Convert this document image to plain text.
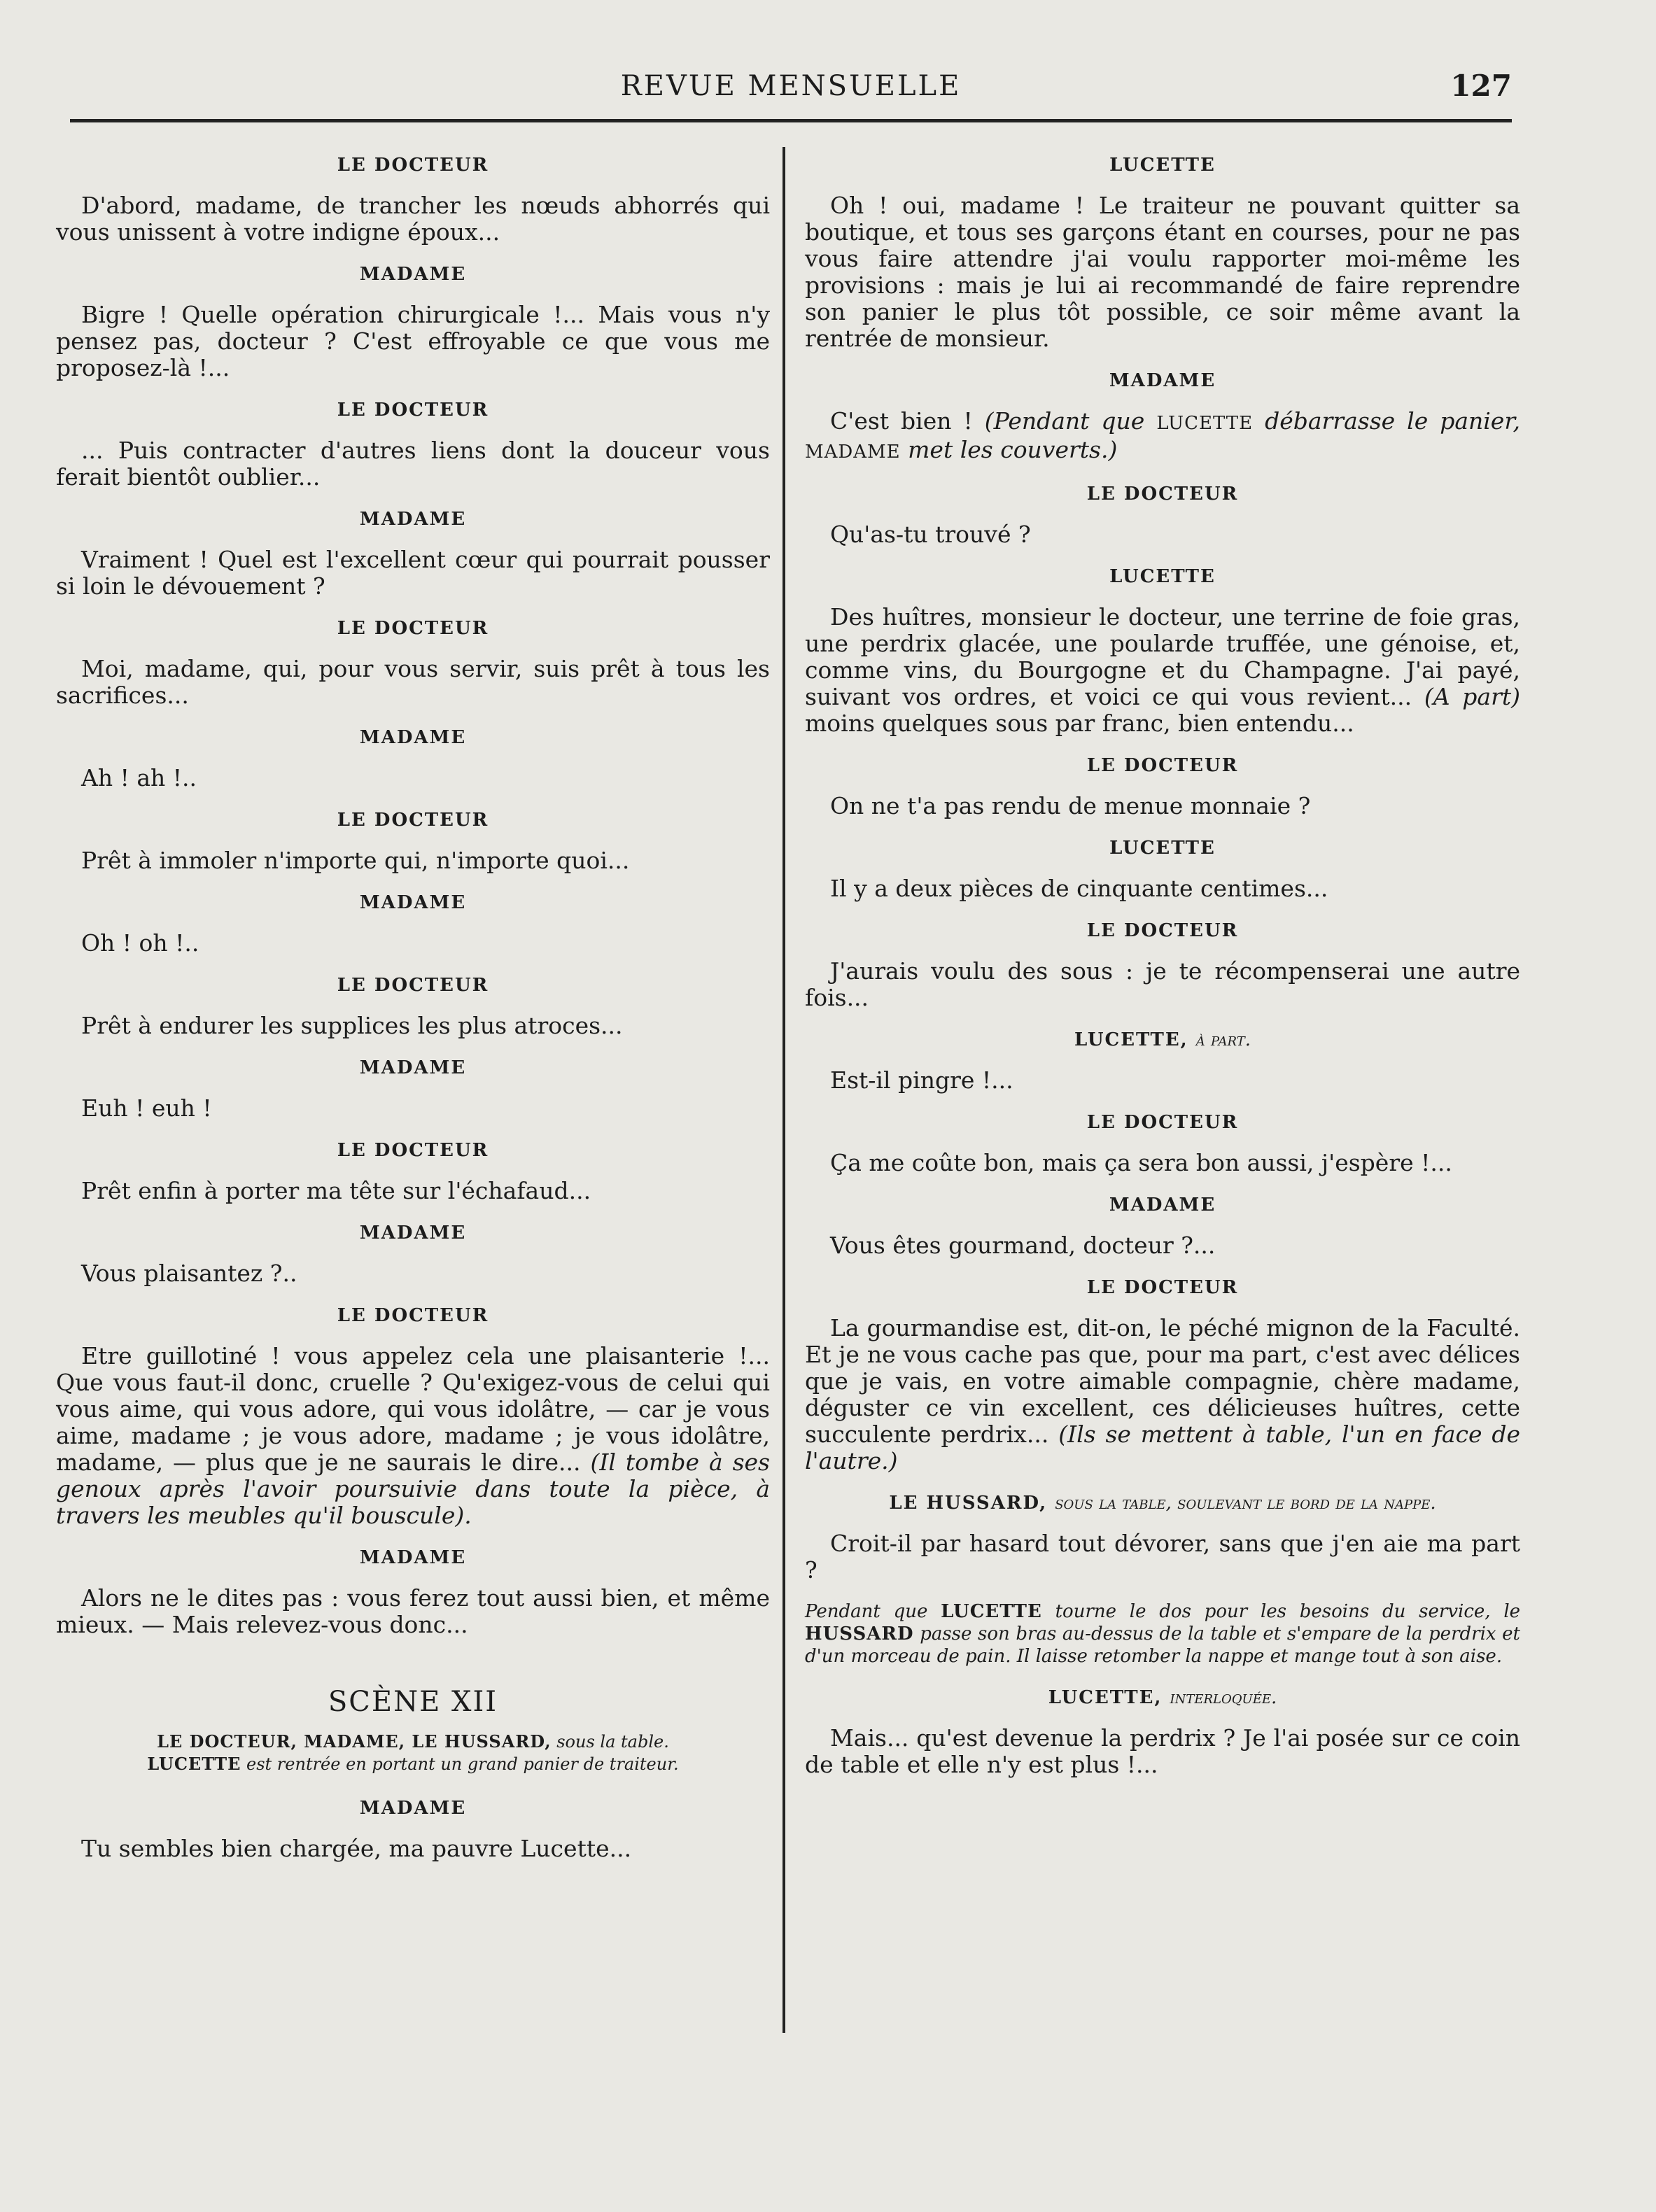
REVUE MENSUELLE	127
LE DOCTEUR

D'abord, madame, de trancher les nœuds abhorrés qui vous unissent à votre indigne époux...

MADAME

Bigre ! Quelle opération chirurgicale !... Mais vous n'y pensez pas, docteur ? C'est effroyable ce que vous me proposez-là !...

LE DOCTEUR

... Puis contracter d'autres liens dont la douceur vous ferait bientôt oublier...

MADAME

Vraiment ! Quel est l'excellent cœur qui pourrait pousser si loin le dévouement ?

LE DOCTEUR

Moi, madame, qui, pour vous servir, suis prêt à tous les sacrifices...

MADAME

Ah ! ah !..

LE DOCTEUR

Prêt à immoler n'importe qui, n'importe quoi...

MADAME

Oh ! oh !..

LE DOCTEUR

Prêt à endurer les supplices les plus atroces...

MADAME

Euh ! euh !

LE DOCTEUR

Prêt enfin à porter ma tête sur l'échafaud...

MADAME

Vous plaisantez ?..

LE DOCTEUR

Etre guillotiné ! vous appelez cela une plaisanterie !... Que vous faut-il donc, cruelle ? Qu'exigez-vous de celui qui vous aime, qui vous adore, qui vous idolâtre, — car je vous aime, madame ; je vous adore, madame ; je vous idolâtre, madame, — plus que je ne saurais le dire... (Il tombe à ses genoux après l'avoir poursuivie dans toute la pièce, à travers les meubles qu'il bouscule).

MADAME

Alors ne le dites pas : vous ferez tout aussi bien, et même mieux. — Mais relevez-vous donc...

SCÈNE XII
LE DOCTEUR, MADAME, LE HUSSARD, sous la table.
LUCETTE est rentrée en portant un grand panier de traiteur.
MADAME

Tu sembles bien chargée, ma pauvre Lucette...

LUCETTE

Oh ! oui, madame ! Le traiteur ne pouvant quitter sa boutique, et tous ses garçons étant en courses, pour ne pas vous faire attendre j'ai voulu rapporter moi-même les provisions : mais je lui ai recommandé de faire reprendre son panier le plus tôt possible, ce soir même avant la rentrée de monsieur.

MADAME

C'est bien ! (Pendant que LUCETTE débarrasse le panier, MADAME met les couverts.)

LE DOCTEUR

Qu'as-tu trouvé ?

LUCETTE

Des huîtres, monsieur le docteur, une terrine de foie gras, une perdrix glacée, une poularde truffée, une génoise, et, comme vins, du Bourgogne et du Champagne. J'ai payé, suivant vos ordres, et voici ce qui vous revient... (A part) moins quelques sous par franc, bien entendu...

LE DOCTEUR

On ne t'a pas rendu de menue monnaie ?

LUCETTE

Il y a deux pièces de cinquante centimes...

LE DOCTEUR

J'aurais voulu des sous : je te récompenserai une autre fois...

LUCETTE, à part.

Est-il pingre !...

LE DOCTEUR

Ça me coûte bon, mais ça sera bon aussi, j'espère !...

MADAME

Vous êtes gourmand, docteur ?...

LE DOCTEUR

La gourmandise est, dit-on, le péché mignon de la Faculté. Et je ne vous cache pas que, pour ma part, c'est avec délices que je vais, en votre aimable compagnie, chère madame, déguster ce vin excellent, ces délicieuses huîtres, cette succulente perdrix... (Ils se mettent à table, l'un en face de l'autre.)

LE HUSSARD, sous la table, soulevant le bord de la nappe.

Croit-il par hasard tout dévorer, sans que j'en aie ma part ?

Pendant que LUCETTE tourne le dos pour les besoins du service, le HUSSARD passe son bras au-dessus de la table et s'empare de la perdrix et d'un morceau de pain. Il laisse retomber la nappe et mange tout à son aise.

LUCETTE, interloquée.

Mais... qu'est devenue la perdrix ? Je l'ai posée sur ce coin de table et elle n'y est plus !...
